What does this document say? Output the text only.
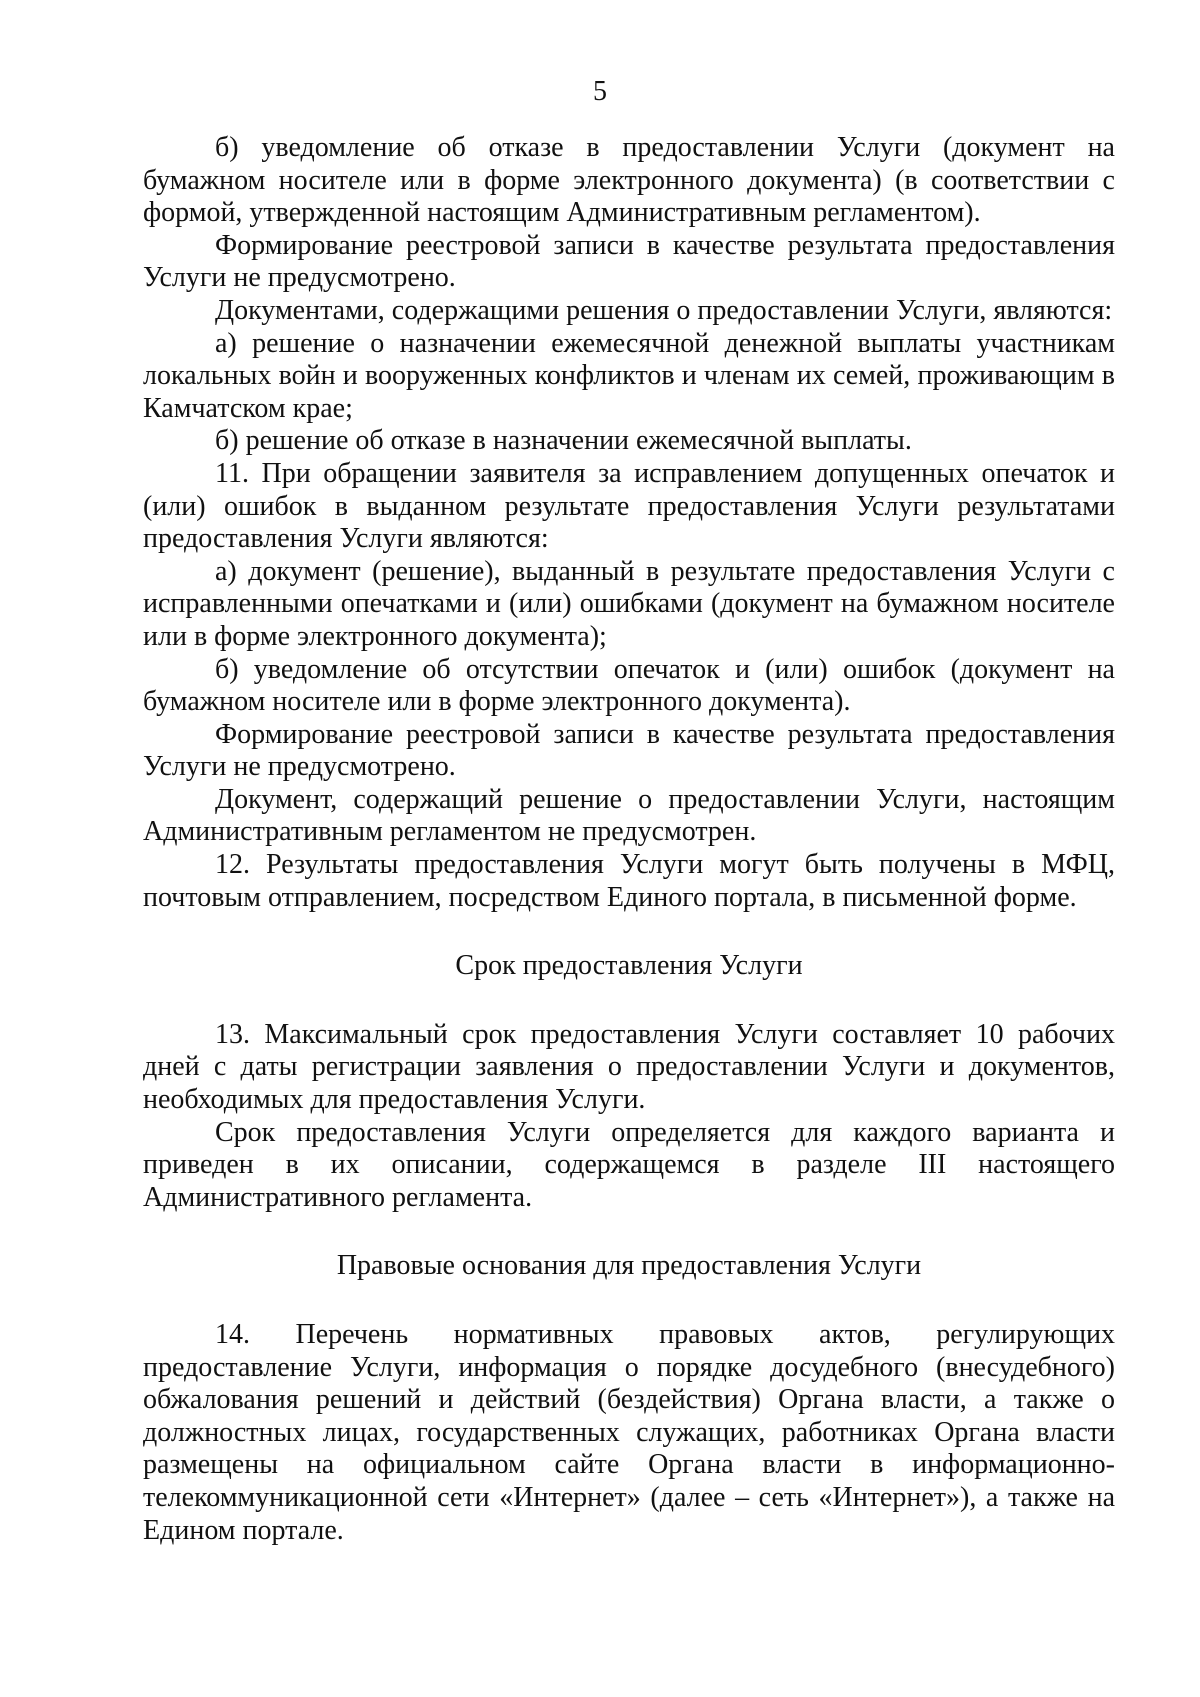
5

б) уведомление об отказе в предоставлении Услуги (документ на бумажном носителе или в форме электронного документа) (в соответствии с формой, утвержденной настоящим Административным регламентом).

Формирование реестровой записи в качестве результата предоставления Услуги не предусмотрено.

Документами, содержащими решения о предоставлении Услуги, являются:

а) решение о назначении ежемесячной денежной выплаты участникам локальных войн и вооруженных конфликтов и членам их семей, проживающим в Камчатском крае;

б) решение об отказе в назначении ежемесячной выплаты.

11. При обращении заявителя за исправлением допущенных опечаток и (или) ошибок в выданном результате предоставления Услуги результатами предоставления Услуги являются:

а) документ (решение), выданный в результате предоставления Услуги с исправленными опечатками и (или) ошибками (документ на бумажном носителе или в форме электронного документа);

б) уведомление об отсутствии опечаток и (или) ошибок (документ на бумажном носителе или в форме электронного документа).

Формирование реестровой записи в качестве результата предоставления Услуги не предусмотрено.

Документ, содержащий решение о предоставлении Услуги, настоящим Административным регламентом не предусмотрен.

12. Результаты предоставления Услуги могут быть получены в МФЦ, почтовым отправлением, посредством Единого портала, в письменной форме.

Срок предоставления Услуги

13. Максимальный срок предоставления Услуги составляет 10 рабочих дней с даты регистрации заявления о предоставлении Услуги и документов, необходимых для предоставления Услуги.

Срок предоставления Услуги определяется для каждого варианта и приведен в их описании, содержащемся в разделе III настоящего Административного регламента.

Правовые основания для предоставления Услуги

14. Перечень нормативных правовых актов, регулирующих предоставление Услуги, информация о порядке досудебного (внесудебного) обжалования решений и действий (бездействия) Органа власти, а также о должностных лицах, государственных служащих, работниках Органа власти размещены на официальном сайте Органа власти в информационно-телекоммуникационной сети «Интернет» (далее – сеть «Интернет»), а также на Едином портале.
